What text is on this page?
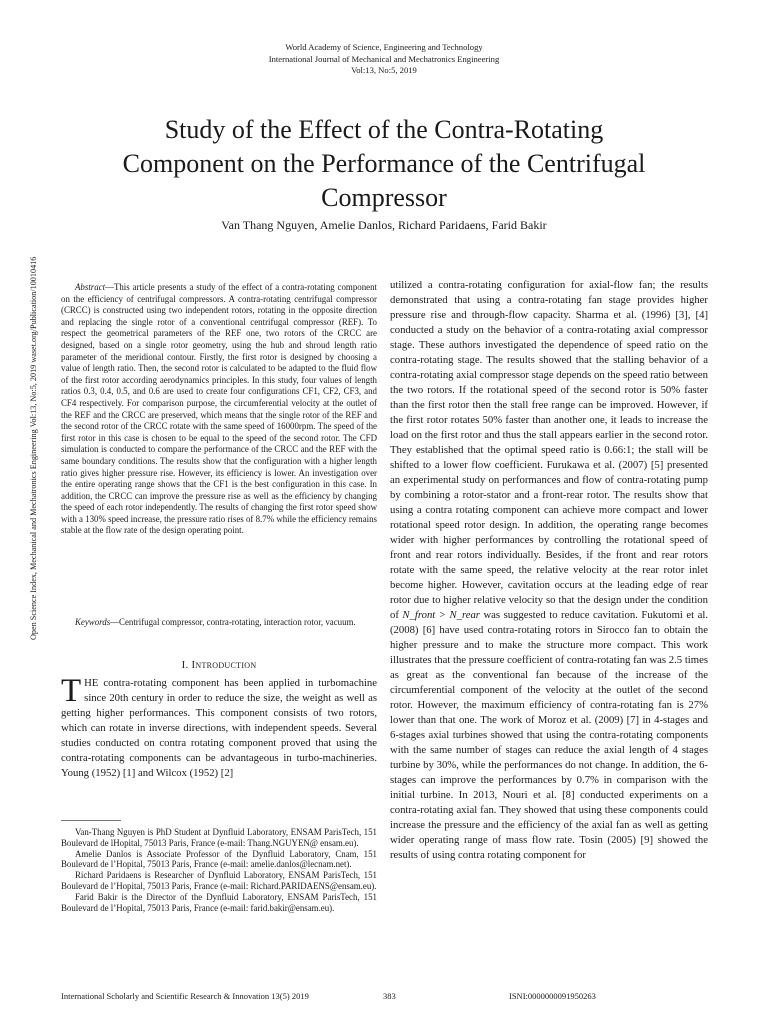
World Academy of Science, Engineering and Technology
International Journal of Mechanical and Mechatronics Engineering
Vol:13, No:5, 2019
Study of the Effect of the Contra-Rotating
Component on the Performance of the Centrifugal
Compressor
Van Thang Nguyen, Amelie Danlos, Richard Paridaens, Farid Bakir
Open Science Index, Mechanical and Mechatronics Engineering Vol:13, No:5, 2019 waset.org/Publication/10010416	Abstract—This article presents a study of the effect of a contra-rotating component on the efficiency of centrifugal compressors. A contra-rotating centrifugal compressor (CRCC) is constructed using two independent rotors, rotating in the opposite direction and replacing the single rotor of a conventional centrifugal compressor (REF). To respect the geometrical parameters of the REF one, two rotors of the CRCC are designed, based on a single rotor geometry, using the hub and shroud length ratio parameter of the meridional contour. Firstly, the first rotor is designed by choosing a value of length ratio. Then, the second rotor is calculated to be adapted to the fluid flow of the first rotor according aerodynamics principles. In this study, four values of length ratios 0.3, 0.4, 0.5, and 0.6 are used to create four configurations CF1, CF2, CF3, and CF4 respectively. For comparison purpose, the circumferential velocity at the outlet of the REF and the CRCC are preserved, which means that the single rotor of the REF and the second rotor of the CRCC rotate with the same speed of 16000rpm. The speed of the first rotor in this case is chosen to be equal to the speed of the second rotor. The CFD simulation is conducted to compare the performance of the CRCC and the REF with the same boundary conditions. The results show that the configuration with a higher length ratio gives higher pressure rise. However, its efficiency is lower. An investigation over the entire operating range shows that the CF1 is the best configuration in this case. In addition, the CRCC can improve the pressure rise as well as the efficiency by changing the speed of each rotor independently. The results of changing the first rotor speed show with a 130% speed increase, the pressure ratio rises of 8.7% while the efficiency remains stable at the flow rate of the design operating point.

Keywords—Centrifugal compressor, contra-rotating, interaction rotor, vacuum.

I. Introduction

THE contra-rotating component has been applied in turbomachine since 20th century in order to reduce the size, the weight as well as getting higher performances. This component consists of two rotors, which can rotate in inverse directions, with independent speeds. Several studies conducted on contra rotating component proved that using the contra-rotating components can be advantageous in turbo-machineries. Young (1952) [1] and Wilcox (1952) [2]

Van-Thang Nguyen is PhD Student at Dynfluid Laboratory, ENSAM ParisTech, 151 Boulevard de lHopital, 75013 Paris, France (e-mail: Thang.NGUYEN@ ensam.eu).

Amelie Danlos is Associate Professor of the Dynfluid Laboratory, Cnam, 151 Boulevard de l’Hopital, 75013 Paris, France (e-mail: amelie.danlos@lecnam.net).

Richard Paridaens is Researcher of Dynfluid Laboratory, ENSAM ParisTech, 151 Boulevard de l’Hopital, 75013 Paris, France (e-mail: Richard.PARIDAENS@ensam.eu).

Farid Bakir is the Director of the Dynfluid Laboratory, ENSAM ParisTech, 151 Boulevard de l’Hopital, 75013 Paris, France (e-mail: farid.bakir@ensam.eu).

utilized a contra-rotating configuration for axial-flow fan; the results demonstrated that using a contra-rotating fan stage provides higher pressure rise and through-flow capacity. Sharma et al. (1996) [3], [4] conducted a study on the behavior of a contra-rotating axial compressor stage. These authors investigated the dependence of speed ratio on the contra-rotating stage. The results showed that the stalling behavior of a contra-rotating axial compressor stage depends on the speed ratio between the two rotors. If the rotational speed of the second rotor is 50% faster than the first rotor then the stall free range can be improved. However, if the first rotor rotates 50% faster than another one, it leads to increase the load on the first rotor and thus the stall appears earlier in the second rotor. They established that the optimal speed ratio is 0.66:1; the stall will be shifted to a lower flow coefficient. Furukawa et al. (2007) [5] presented an experimental study on performances and flow of contra-rotating pump by combining a rotor-stator and a front-rear rotor. The results show that using a contra rotating component can achieve more compact and lower rotational speed rotor design. In addition, the operating range becomes wider with higher performances by controlling the rotational speed of front and rear rotors individually. Besides, if the front and rear rotors rotate with the same speed, the relative velocity at the rear rotor inlet become higher. However, cavitation occurs at the leading edge of rear rotor due to higher relative velocity so that the design under the condition of N_front > N_rear was suggested to reduce cavitation. Fukutomi et al. (2008) [6] have used contra-rotating rotors in Sirocco fan to obtain the higher pressure and to make the structure more compact. This work illustrates that the pressure coefficient of contra-rotating fan was 2.5 times as great as the conventional fan because of the increase of the circumferential component of the velocity at the outlet of the second rotor. However, the maximum efficiency of contra-rotating fan is 27% lower than that one. The work of Moroz et al. (2009) [7] in 4-stages and 6-stages axial turbines showed that using the contra-rotating components with the same number of stages can reduce the axial length of 4 stages turbine by 30%, while the performances do not change. In addition, the 6-stages can improve the performances by 0.7% in comparison with the initial turbine. In 2013, Nouri et al. [8] conducted experiments on a contra-rotating axial fan. They showed that using these components could increase the pressure and the efficiency of the axial fan as well as getting wider operating range of mass flow rate. Tosin (2005) [9] showed the results of using contra rotating component for

International Scholarly and Scientific Research & Innovation 13(5) 2019	383	ISNI:0000000091950263
